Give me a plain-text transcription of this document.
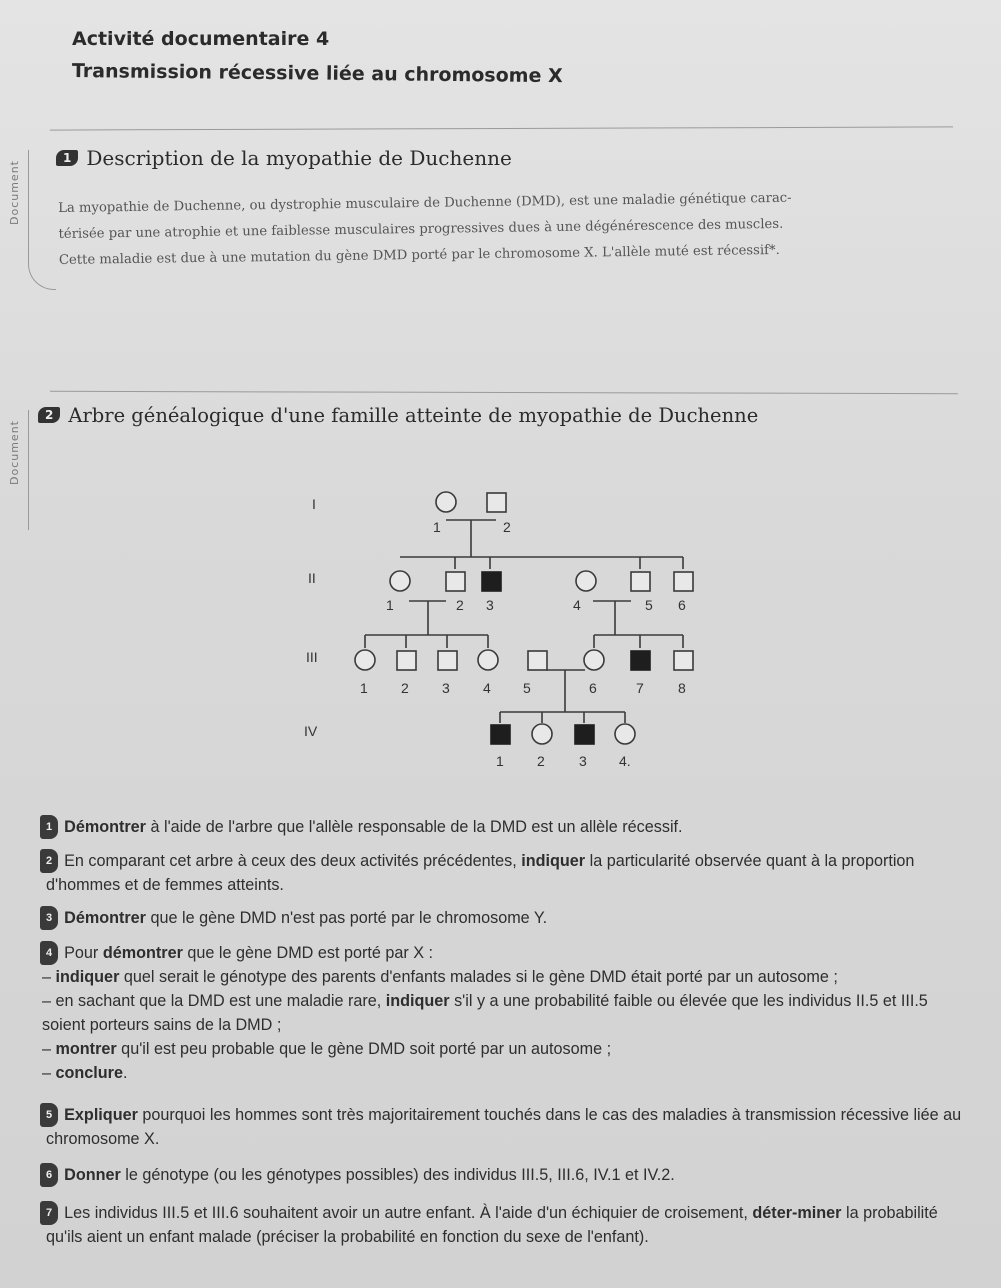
Activité documentaire 4
Transmission récessive liée au chromosome X
Document
1 Description de la myopathie de Duchenne
La myopathie de Duchenne, ou dystrophie musculaire de Duchenne (DMD), est une maladie génétique carac-
térisée par une atrophie et une faiblesse musculaires progressives dues à une dégénérescence des muscles.
Cette maladie est due à une mutation du gène DMD porté par le chromosome X. L'allèle muté est récessif*.
Document
2 Arbre généalogique d'une famille atteinte de myopathie de Duchenne
I
II
III
IV
1	2
1	2 3	4	5 6
1 2 3 4 5	6	7 8
1 2 3 4.
1 Démontrer à l'aide de l'arbre que l'allèle responsable de la DMD est un allèle récessif.
2 En comparant cet arbre à ceux des deux activités précédentes, indiquer la particularité observée quant à la proportion d'hommes et de femmes atteints.
3 Démontrer que le gène DMD n'est pas porté par le chromosome Y.
4 Pour démontrer que le gène DMD est porté par X :
– indiquer quel serait le génotype des parents d'enfants malades si le gène DMD était porté par un autosome ;
– en sachant que la DMD est une maladie rare, indiquer s'il y a une probabilité faible ou élevée que les individus II.5 et III.5 soient porteurs sains de la DMD ;
– montrer qu'il est peu probable que le gène DMD soit porté par un autosome ;
– conclure.
5 Expliquer pourquoi les hommes sont très majoritairement touchés dans le cas des maladies à transmission récessive liée au chromosome X.
6 Donner le génotype (ou les génotypes possibles) des individus III.5, III.6, IV.1 et IV.2.
7 Les individus III.5 et III.6 souhaitent avoir un autre enfant. À l'aide d'un échiquier de croisement, déter-miner la probabilité qu'ils aient un enfant malade (préciser la probabilité en fonction du sexe de l'enfant).
